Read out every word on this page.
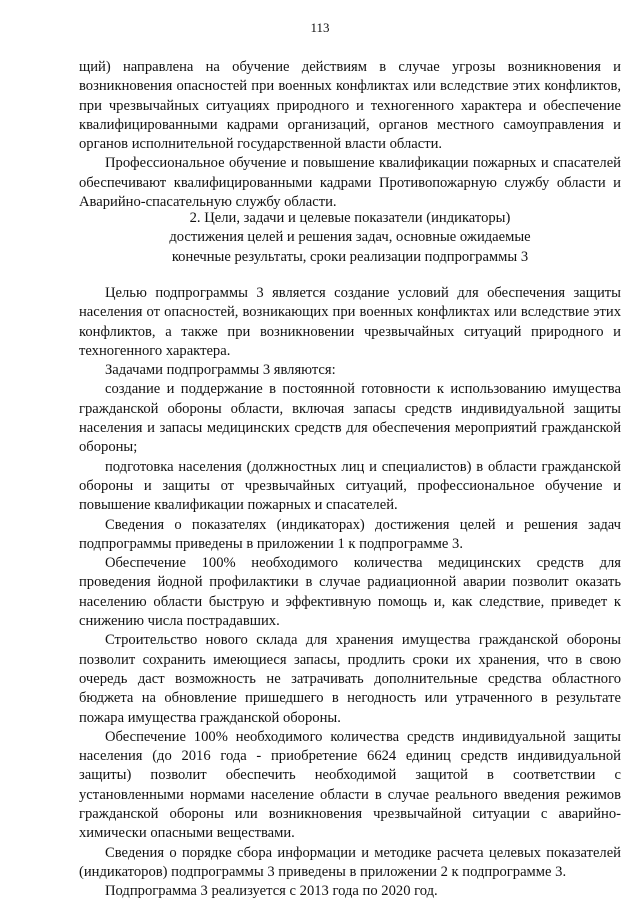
113

щий) направлена на обучение действиям в случае угрозы возникновения и возникновения опасностей при военных конфликтах или вследствие этих конфликтов, при чрезвычайных ситуациях природного и техногенного характера и обеспечение квалифицированными кадрами организаций, органов местного самоуправления и органов исполнительной государственной власти области.

Профессиональное обучение и повышение квалификации пожарных и спасателей обеспечивают квалифицированными кадрами Противопожарную службу области и Аварийно-спасательную службу области.

2. Цели, задачи и целевые показатели (индикаторы)
достижения целей и решения задач, основные ожидаемые
конечные результаты, сроки реализации подпрограммы 3

Целью подпрограммы 3 является создание условий для обеспечения защиты населения от опасностей, возникающих при военных конфликтах или вследствие этих конфликтов, а также при возникновении чрезвычайных ситуаций природного и техногенного характера.

Задачами подпрограммы 3 являются:

создание и поддержание в постоянной готовности к использованию имущества гражданской обороны области, включая запасы средств индивидуальной защиты населения и запасы медицинских средств для обеспечения мероприятий гражданской обороны;

подготовка населения (должностных лиц и специалистов) в области гражданской обороны и защиты от чрезвычайных ситуаций, профессиональное обучение и повышение квалификации пожарных и спасателей.

Сведения о показателях (индикаторах) достижения целей и решения задач подпрограммы приведены в приложении 1 к подпрограмме 3.

Обеспечение 100% необходимого количества медицинских средств для проведения йодной профилактики в случае радиационной аварии позволит оказать населению области быструю и эффективную помощь и, как следствие, приведет к снижению числа пострадавших.

Строительство нового склада для хранения имущества гражданской обороны позволит сохранить имеющиеся запасы, продлить сроки их хранения, что в свою очередь даст возможность не затрачивать дополнительные средства областного бюджета на обновление пришедшего в негодность или утраченного в результате пожара имущества гражданской обороны.

Обеспечение 100% необходимого количества средств индивидуальной защиты населения (до 2016 года - приобретение 6624 единиц средств индивидуальной защиты) позволит обеспечить необходимой защитой в соответствии с установленными нормами население области в случае реального введения режимов гражданской обороны или возникновения чрезвычайной ситуации с аварийно-химически опасными веществами.

Сведения о порядке сбора информации и методике расчета целевых показателей (индикаторов) подпрограммы 3 приведены в приложении 2 к подпрограмме 3.

Подпрограмма 3 реализуется с 2013 года по 2020 год.
